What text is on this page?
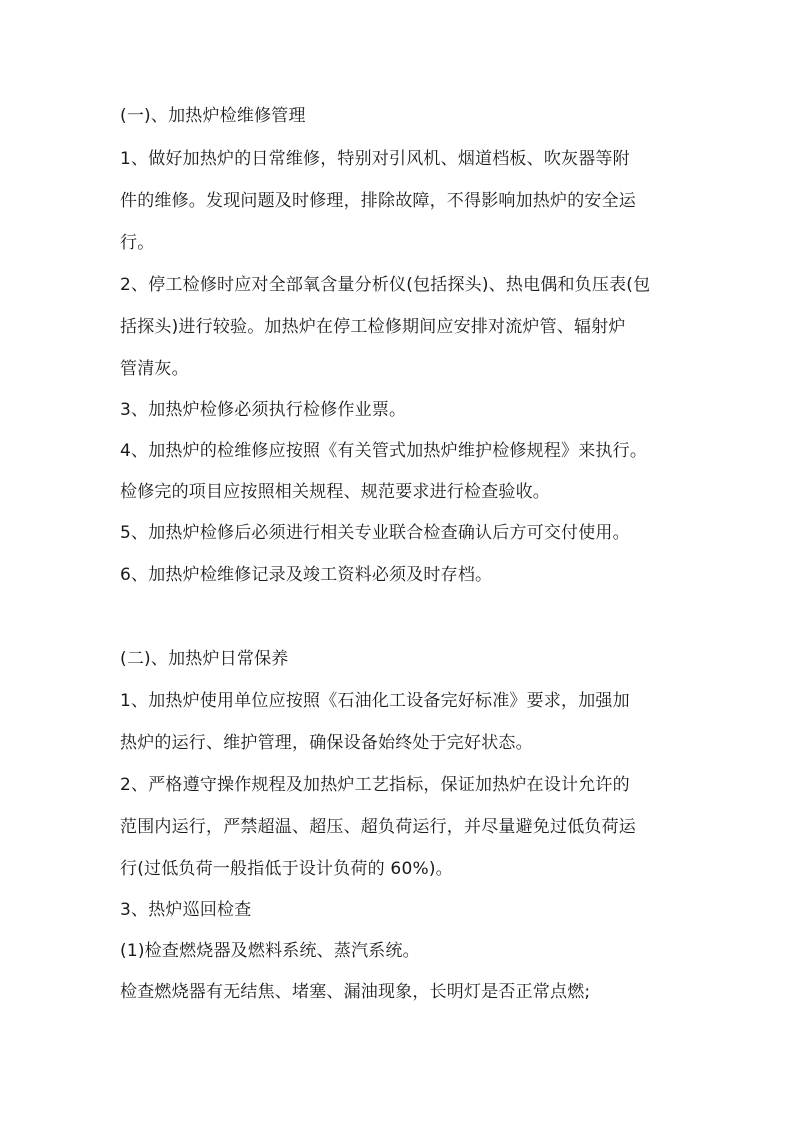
(一)、加热炉检维修管理
1、做好加热炉的日常维修，特别对引风机、烟道档板、吹灰器等附
件的维修。发现问题及时修理，排除故障，不得影响加热炉的安全运
行。
2、停工检修时应对全部氧含量分析仪(包括探头)、热电偶和负压表(包
括探头)进行较验。加热炉在停工检修期间应安排对流炉管、辐射炉
管清灰。
3、加热炉检修必须执行检修作业票。
4、加热炉的检维修应按照《有关管式加热炉维护检修规程》来执行。
检修完的项目应按照相关规程、规范要求进行检查验收。
5、加热炉检修后必须进行相关专业联合检查确认后方可交付使用。
6、加热炉检维修记录及竣工资料必须及时存档。
(二)、加热炉日常保养
1、加热炉使用单位应按照《石油化工设备完好标准》要求，加强加
热炉的运行、维护管理，确保设备始终处于完好状态。
2、严格遵守操作规程及加热炉工艺指标，保证加热炉在设计允许的
范围内运行，严禁超温、超压、超负荷运行，并尽量避免过低负荷运
行(过低负荷一般指低于设计负荷的 60%)。
3、热炉巡回检查
(1)检查燃烧器及燃料系统、蒸汽系统。
检查燃烧器有无结焦、堵塞、漏油现象，长明灯是否正常点燃;
